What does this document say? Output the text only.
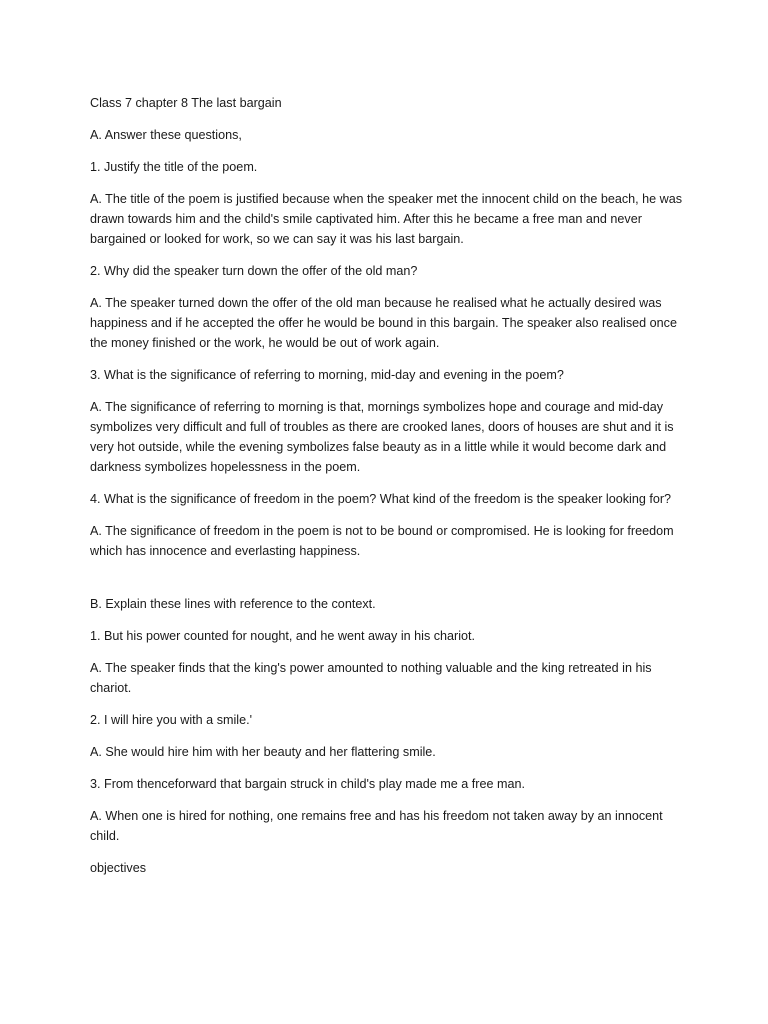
Class 7 chapter 8 The last bargain

A. Answer these questions,

1. Justify the title of the poem.

A. The title of the poem is justified because when the speaker met the innocent child on the beach, he was drawn towards him and the child's smile captivated him. After this he became a free man and never bargained or looked for work, so we can say it was his last bargain.

2. Why did the speaker turn down the offer of the old man?

A. The speaker turned down the offer of the old man because he realised what he actually desired was happiness and if he accepted the offer he would be bound in this bargain. The speaker also realised once the money finished or the work, he would be out of work again.

3. What is the significance of referring to morning, mid-day and evening in the poem?

A. The significance of referring to morning is that, mornings symbolizes hope and courage and mid-day symbolizes very difficult and full of troubles as there are crooked lanes, doors of houses are shut and it is very hot outside, while the evening symbolizes false beauty as in a little while it would become dark and darkness symbolizes hopelessness in the poem.

4. What is the significance of freedom in the poem? What kind of the freedom is the speaker looking for?

A. The significance of freedom in the poem is not to be bound or compromised. He is looking for freedom which has innocence and everlasting happiness.

B. Explain these lines with reference to the context.

1. But his power counted for nought, and he went away in his chariot.

A. The speaker finds that the king's power amounted to nothing valuable and the king retreated in his chariot.

2. I will hire you with a smile.'

A. She would hire him with her beauty and her flattering smile.

3. From thenceforward that bargain struck in child's play made me a free man.

A. When one is hired for nothing, one remains free and has his freedom not taken away by an innocent child.

objectives
